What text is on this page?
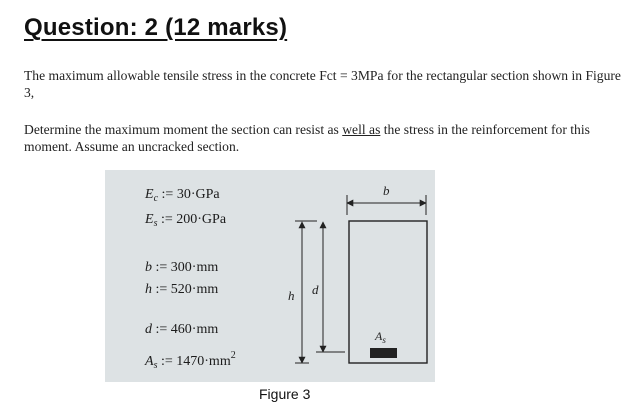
Question: 2 (12 marks)
The maximum allowable tensile stress in the concrete Fct = 3MPa for the rectangular section shown in Figure 3,
Determine the maximum moment the section can resist as well as the stress in the reinforcement for this moment. Assume an uncracked section.
$E_c$ := 30·GPa
$E_s$ := 200·GPa
b := 300·mm
h := 520·mm
d := 460·mm
$A_s$ := $1470\cdot mm^2$
b
$A_s$
h d
Figure 3
